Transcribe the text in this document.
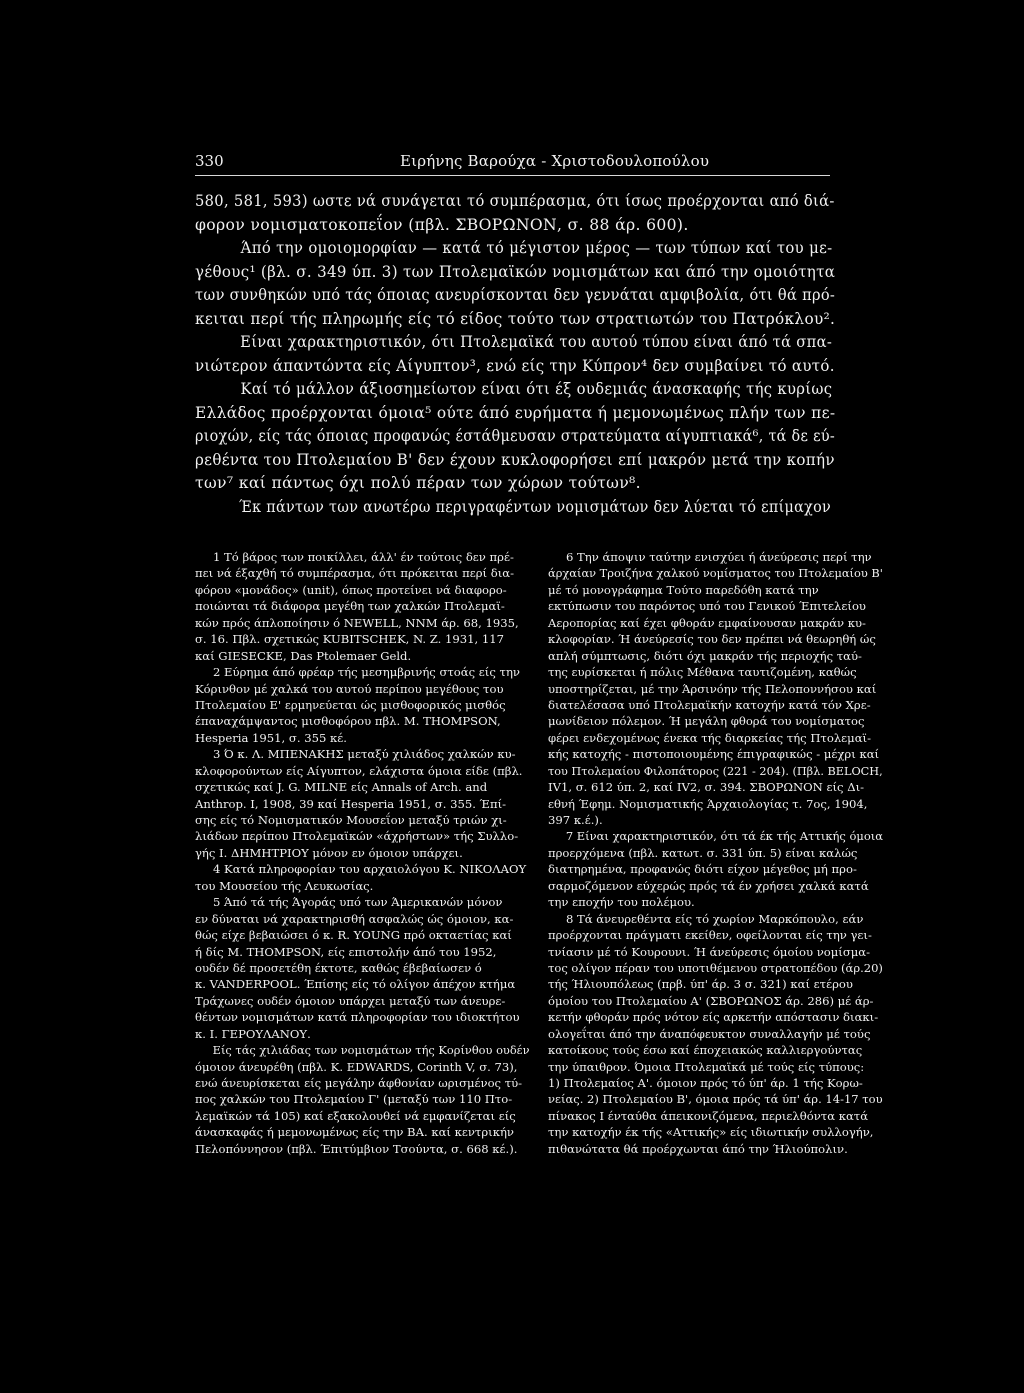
330	Ειρήνης Βαρούχα - Χριστοδουλοπούλου
580, 581, 593) ωστε νά συνάγεται τό συμπέρασμα, ότι ίσως προέρχονται από διά-
φορον νομισματοκοπεΐον (πβλ. ΣΒΟΡΩΝΟΝ, σ. 88 άρ. 600).
Άπό την ομοιομορφίαν — κατά τό μέγιστον μέρος — των τύπων καί του με-
γέθους¹ (βλ. σ. 349 ύπ. 3) των Πτολεμαϊκών νομισμάτων και άπό την ομοιότητα
των συνθηκών υπό τάς όποιας ανευρίσκονται δεν γεννάται αμφιβολία, ότι θά πρό-
κειται περί τής πληρωμής είς τό είδος τούτο των στρατιωτών του Πατρόκλου².
Είναι χαρακτηριστικόν, ότι Πτολεμαϊκά του αυτού τύπου είναι άπό τά σπα-
νιώτερον άπαντώντα είς Αίγυπτον³, ενώ είς την Κύπρον⁴ δεν συμβαίνει τό αυτό.
Καί τό μάλλον άξιοσημείωτον είναι ότι έξ ουδεμιάς άνασκαφής τής κυρίως
Ελλάδος προέρχονται όμοια⁵ ούτε άπό ευρήματα ή μεμονωμένως πλήν των πε-
ριοχών, είς τάς όποιας προφανώς έστάθμευσαν στρατεύματα αίγυπτιακά⁶, τά δε εύ-
ρεθέντα του Πτολεμαίου Β' δεν έχουν κυκλοφορήσει επί μακρόν μετά την κοπήν
των⁷ καί πάντως όχι πολύ πέραν των χώρων τούτων⁸.
Έκ πάντων των ανωτέρω περιγραφέντων νομισμάτων δεν λύεται τό επίμαχον
1 Τό βάρος των ποικίλλει, άλλ' έν τούτοις δεν πρέ-
πει νά έξαχθή τό συμπέρασμα, ότι πρόκειται περί δια-
φόρου «μονάδος» (unit), όπως προτείνει νά διαφορο-
ποιώνται τά διάφορα μεγέθη των χαλκών Πτολεμαϊ-
κών πρός άπλοποίησιν ό NEWELL, NNM άρ. 68, 1935,
σ. 16. Πβλ. σχετικώς KUBITSCHEK, N. Z. 1931, 117
καί GIESECKE, Das Ptolemaer Geld.
2 Εύρημα άπό φρέαρ τής μεσημβρινής στοάς είς την
Κόρινθον μέ χαλκά του αυτού περίπου μεγέθους του
Πτολεμαίου Ε' ερμηνεύεται ώς μισθοφορικός μισθός
έπαναχάμψαντος μισθοφόρου πβλ. M. THOMPSON,
Hesperia 1951, σ. 355 κέ.
3 Ό κ. Λ. ΜΠΕΝΑΚΗΣ μεταξύ χιλιάδος χαλκών κυ-
κλοφορούντων είς Αίγυπτον, ελάχιστα όμοια είδε (πβλ.
σχετικώς καί J. G. MILNE είς Annals of Arch. and
Anthrop. I, 1908, 39 καί Hesperia 1951, σ. 355. Έπί-
σης είς τό Νομισματικόν Μουσεΐον μεταξύ τριών χι-
λιάδων περίπου Πτολεμαϊκών «άχρήστων» τής Συλλο-
γής Ι. ΔΗΜΗΤΡΙΟΥ μόνον εν όμοιον υπάρχει.
4 Κατά πληροφορίαν του αρχαιολόγου Κ. ΝΙΚΟΛΑΟΥ
του Μουσείου τής Λευκωσίας.
5 Άπό τά τής Άγοράς υπό των Άμερικανών μόνον
εν δύναται νά χαρακτηρισθή ασφαλώς ώς όμοιον, κα-
θώς είχε βεβαιώσει ό κ. R. YOUNG πρό οκταετίας καί
ή δίς M. THOMPSON, είς επιστολήν άπό του 1952,
ουδέν δέ προσετέθη έκτοτε, καθώς έβεβαίωσεν ό
κ. VANDERPOOL. Έπίσης είς τό ολίγον άπέχον κτήμα
Τράχωνες ουδέν όμοιον υπάρχει μεταξύ των άνευρε-
θέντων νομισμάτων κατά πληροφορίαν του ιδιοκτήτου
κ. Ι. ΓΕΡΟΥΛΑΝΟΥ.
Είς τάς χιλιάδας των νομισμάτων τής Κορίνθου ουδέν
όμοιον άνευρέθη (πβλ. K. EDWARDS, Corinth V, σ. 73),
ενώ άνευρίσκεται είς μεγάλην άφθονίαν ωρισμένος τύ-
πος χαλκών του Πτολεμαίου Γ' (μεταξύ των 110 Πτο-
λεμαϊκών τά 105) καί εξακολουθεί νά εμφανίζεται είς
άνασκαφάς ή μεμονωμένως είς την ΒΑ. καί κεντρικήν
Πελοπόννησον (πβλ. Έπιτύμβιον Τσούντα, σ. 668 κέ.).
6 Την άποψιν ταύτην ενισχύει ή άνεύρεσις περί την
άρχαίαν Τροιζήνα χαλκού νομίσματος του Πτολεμαίου Β'
μέ τό μονογράφημα Τούτο παρεδόθη κατά την
εκτύπωσιν του παρόντος υπό του Γενικού Έπιτελείου
Αεροπορίας καί έχει φθοράν εμφαίνουσαν μακράν κυ-
κλοφορίαν. Ή άνεύρεσίς του δεν πρέπει νά θεωρηθή ώς
απλή σύμπτωσις, διότι όχι μακράν τής περιοχής ταύ-
της ευρίσκεται ή πόλις Μέθανα ταυτιζομένη, καθώς
υποστηρίζεται, μέ την Άρσινόην τής Πελοποννήσου καί
διατελέσασα υπό Πτολεμαϊκήν κατοχήν κατά τόν Χρε-
μωνίδειον πόλεμον. Ή μεγάλη φθορά του νομίσματος
φέρει ενδεχομένως ένεκα τής διαρκείας τής Πτολεμαϊ-
κής κατοχής - πιστοποιουμένης έπιγραφικώς - μέχρι καί
του Πτολεμαίου Φιλοπάτορος (221 - 204). (Πβλ. BELOCH,
IV1, σ. 612 ύπ. 2, καί IV2, σ. 394. ΣΒΟΡΩΝΟΝ είς Δι-
εθνή Έφημ. Νομισματικής Άρχαιολογίας τ. 7ος, 1904,
397 κ.έ.).
7 Είναι χαρακτηριστικόν, ότι τά έκ τής Αττικής όμοια
προερχόμενα (πβλ. κατωτ. σ. 331 ύπ. 5) είναι καλώς
διατηρημένα, προφανώς διότι είχον μέγεθος μή προ-
σαρμοζόμενον εύχερώς πρός τά έν χρήσει χαλκά κατά
την εποχήν του πολέμου.
8 Τά άνευρεθέντα είς τό χωρίον Μαρκόπουλο, εάν
προέρχονται πράγματι εκείθεν, οφείλονται είς την γει-
τνίασιν μέ τό Κουρουνι. Ή άνεύρεσις όμοίου νομίσμα-
τος ολίγον πέραν του υποτιθέμενου στρατοπέδου (άρ.20)
τής Ήλιουπόλεως (πρβ. ύπ' άρ. 3 σ. 321) καί ετέρου
όμοίου του Πτολεμαίου Α' (ΣΒΟΡΩΝΟΣ άρ. 286) μέ άρ-
κετήν φθοράν πρός νότον είς αρκετήν απόστασιν διακι-
ολογεΐται άπό την άναπόφευκτον συναλλαγήν μέ τούς
κατοίκους τούς έσω καί έποχειακώς καλλιεργούντας
την ύπαιθρον. Όμοια Πτολεμαϊκά μέ τούς είς τύπους:
1) Πτολεμαίος Α'. όμοιον πρός τό ύπ' άρ. 1 τής Κορω-
νείας. 2) Πτολεμαίου Β', όμοια πρός τά ύπ' άρ. 14-17 του
πίνακος Ι ένταύθα άπεικονιζόμενα, περιελθόντα κατά
την κατοχήν έκ τής «Αττικής» είς ιδιωτικήν συλλογήν,
πιθανώτατα θά προέρχωνται άπό την Ήλιούπολιν.
